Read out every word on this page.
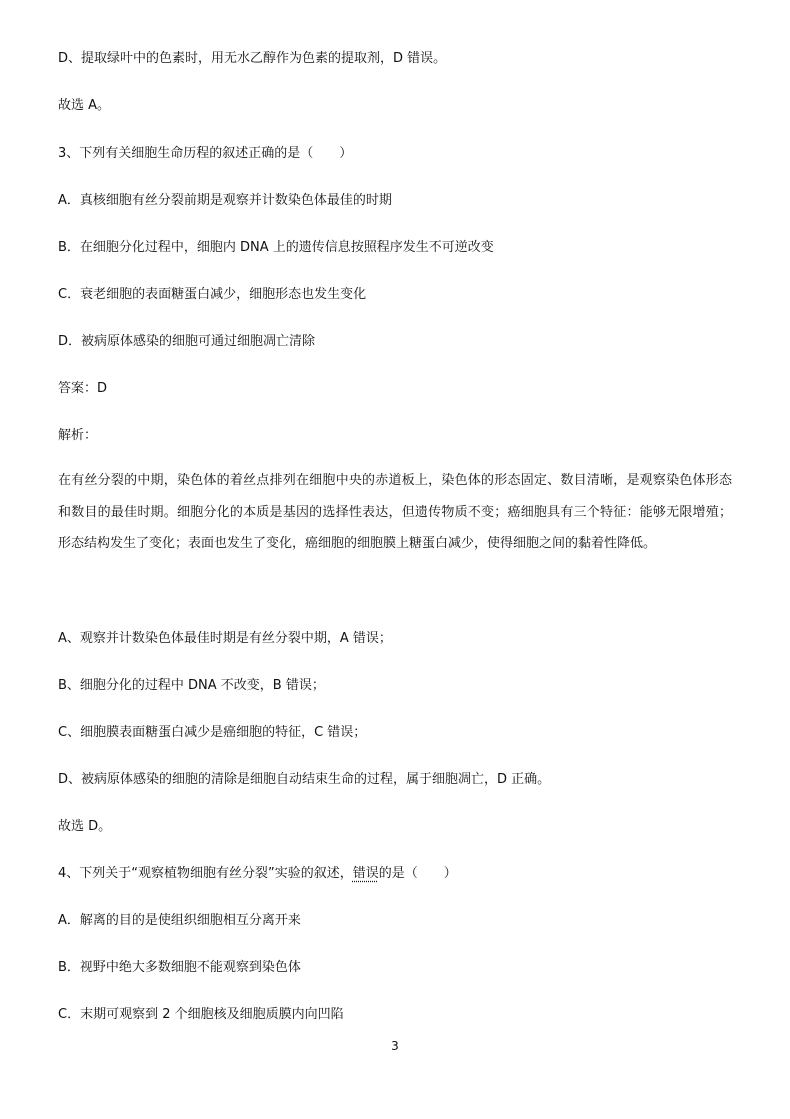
D、提取绿叶中的色素时，用无水乙醇作为色素的提取剂，D 错误。

故选 A。

3、下列有关细胞生命历程的叙述正确的是（　　）

A．真核细胞有丝分裂前期是观察并计数染色体最佳的时期

B．在细胞分化过程中，细胞内 DNA 上的遗传信息按照程序发生不可逆改变

C．衰老细胞的表面糖蛋白减少，细胞形态也发生变化

D．被病原体感染的细胞可通过细胞凋亡清除

答案：D

解析：

在有丝分裂的中期，染色体的着丝点排列在细胞中央的赤道板上，染色体的形态固定、数目清晰，是观察染色体形态和数目的最佳时期。细胞分化的本质是基因的选择性表达，但遗传物质不变；癌细胞具有三个特征：能够无限增殖；形态结构发生了变化；表面也发生了变化，癌细胞的细胞膜上糖蛋白减少，使得细胞之间的黏着性降低。

A、观察并计数染色体最佳时期是有丝分裂中期，A 错误；

B、细胞分化的过程中 DNA 不改变，B 错误；

C、细胞膜表面糖蛋白减少是癌细胞的特征，C 错误；

D、被病原体感染的细胞的清除是细胞自动结束生命的过程，属于细胞凋亡，D 正确。

故选 D。

4、下列关于“观察植物细胞有丝分裂”实验的叙述，错误的是（　　）

A．解离的目的是使组织细胞相互分离开来

B．视野中绝大多数细胞不能观察到染色体

C．末期可观察到 2 个细胞核及细胞质膜内向凹陷

3
